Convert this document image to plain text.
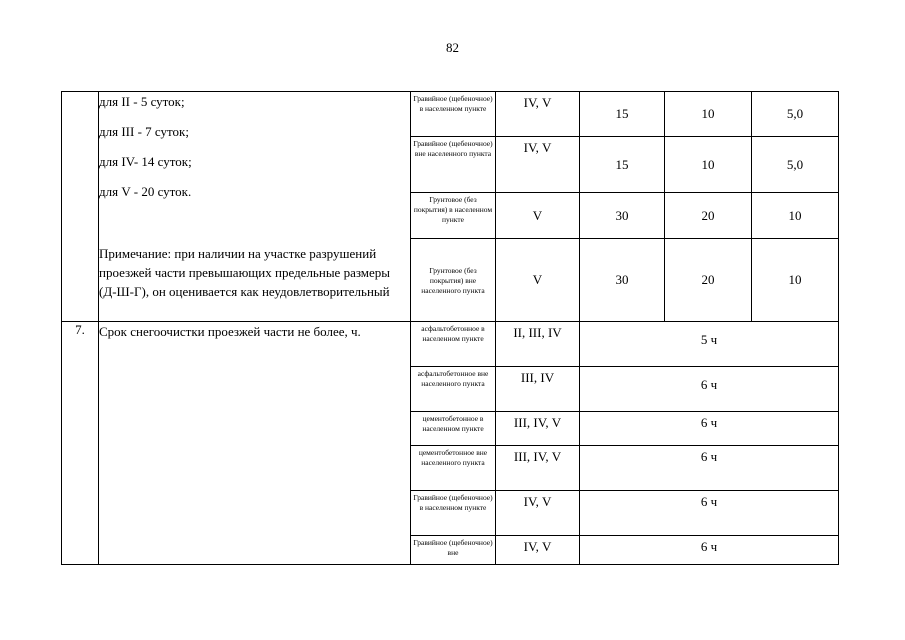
82

	для II - 5 суток;

для III - 7 суток;

для IV- 14 суток;

для V - 20 суток.

Примечание: при наличии на участке разрушений проезжей части превышающих предельные размеры (Д-Ш-Г), он оценивается как неудовлетворительный	Гравийное (щебеночное) в населенном пункте	IV, V	15	10	5,0
		Гравийное (щебеночное) вне населенного пункта	IV, V	15	10	5,0
		Грунтовое (без покрытия) в населенном пункте	V	30	20	10
		Грунтовое (без покрытия) вне населенного пункта	V	30	20	10
7.	Срок снегоочистки проезжей части не более, ч.	асфальтобетонное в населенном пункте	II, III, IV	5 ч		
		асфальтобетонное вне населенного пункта	III, IV	6 ч		
		цементобетонное в населенном пункте	III, IV, V	6 ч		
		цементобетонное вне населенного пункта	III, IV, V	6 ч		
		Гравийное (щебеночное) в населенном пункте	IV, V	6 ч		
		Гравийное (щебеночное) вне	IV, V	6 ч		
